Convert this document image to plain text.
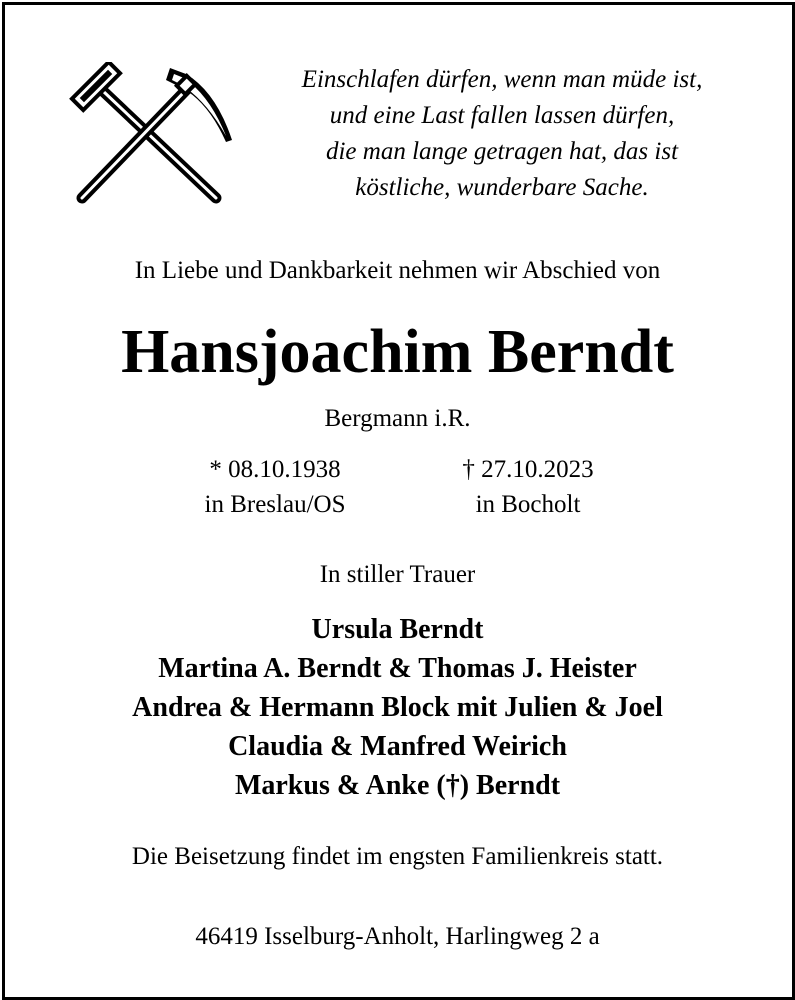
Einschlafen dürfen, wenn man müde ist,
und eine Last fallen lassen dürfen,
die man lange getragen hat, das ist
köstliche, wunderbare Sache.
In Liebe und Dankbarkeit nehmen wir Abschied von
Hansjoachim Berndt
Bergmann i.R.
* 08.10.1938
in Breslau/OS
† 27.10.2023
in Bocholt
In stiller Trauer
Ursula Berndt
Martina A. Berndt & Thomas J. Heister
Andrea & Hermann Block mit Julien & Joel
Claudia & Manfred Weirich
Markus & Anke (†) Berndt
Die Beisetzung findet im engsten Familienkreis statt.
46419 Isselburg-Anholt, Harlingweg 2 a
